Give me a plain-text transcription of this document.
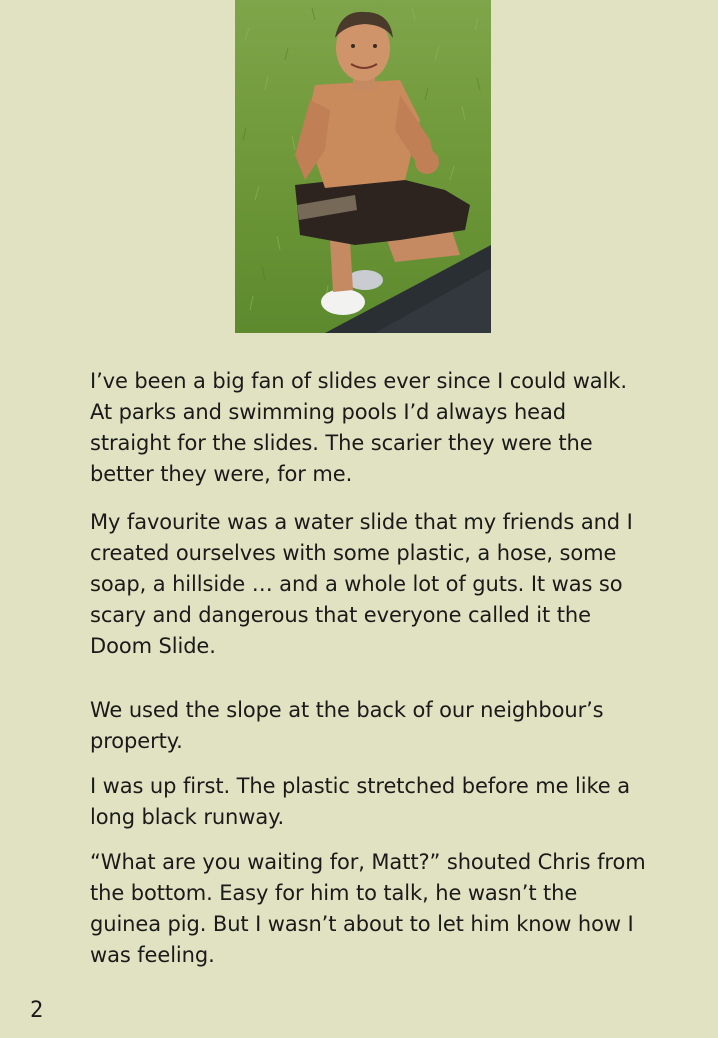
I’ve been a big fan of slides ever since I could walk. At parks and swimming pools I’d always head straight for the slides. The scarier they were the better they were, for me.

My favourite was a water slide that my friends and I created ourselves with some plastic, a hose, some soap, a hillside … and a whole lot of guts. It was so scary and dangerous that everyone called it the Doom Slide.

We used the slope at the back of our neighbour’s property.

I was up first. The plastic stretched before me like a long black runway.

“What are you waiting for, Matt?” shouted Chris from the bottom. Easy for him to talk, he wasn’t the guinea pig. But I wasn’t about to let him know how I was feeling.

2
